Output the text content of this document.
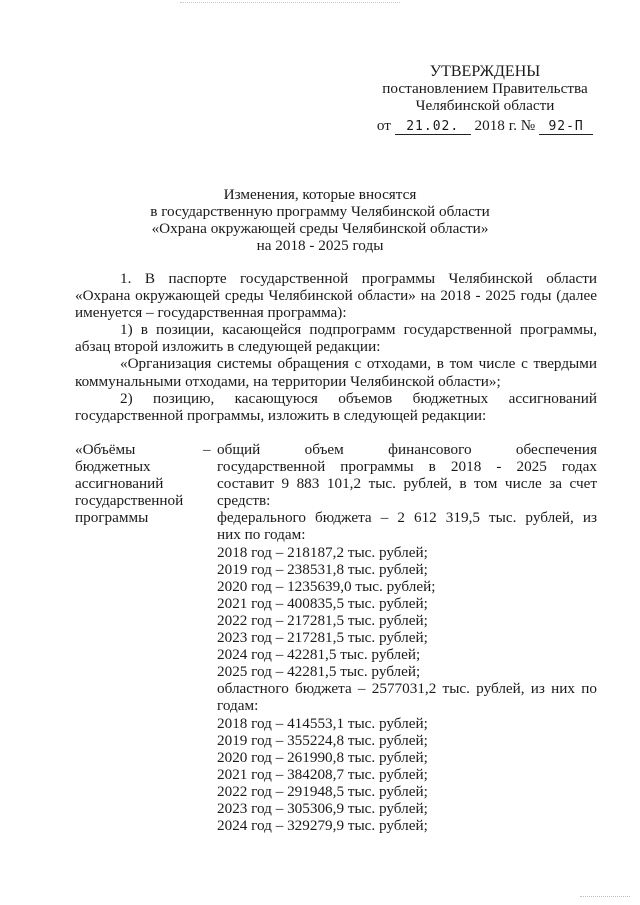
УТВЕРЖДЕНЫ
постановлением Правительства
Челябинской области
от 21.02. 2018 г. № 92-П
Изменения, которые вносятся
в государственную программу Челябинской области
«Охрана окружающей среды Челябинской области»
на 2018 - 2025 годы

1. В паспорте государственной программы Челябинской области «Охрана окружающей среды Челябинской области» на 2018 - 2025 годы (далее именуется – государственная программа):

1) в позиции, касающейся подпрограмм государственной программы, абзац второй изложить в следующей редакции:

«Организация системы обращения с отходами, в том числе с твердыми коммунальными отходами, на территории Челябинской области»;

2) позицию, касающуюся объемов бюджетных ассигнований государственной программы, изложить в следующей редакции:

«Объёмы
бюджетных
ассигнований
государственной
программы
– общий объем финансового обеспечения
государственной программы в 2018 - 2025 годах
составит 9 883 101,2 тыс. рублей, в том числе за счет
средств:
федерального бюджета – 2 612 319,5 тыс. рублей, из
них по годам:
2018 год – 218187,2 тыс. рублей;
2019 год – 238531,8 тыс. рублей;
2020 год – 1235639,0 тыс. рублей;
2021 год – 400835,5 тыс. рублей;
2022 год – 217281,5 тыс. рублей;
2023 год – 217281,5 тыс. рублей;
2024 год – 42281,5 тыс. рублей;
2025 год – 42281,5 тыс. рублей;
областного бюджета – 2577031,2 тыс. рублей, из них по
годам:
2018 год – 414553,1 тыс. рублей;
2019 год – 355224,8 тыс. рублей;
2020 год – 261990,8 тыс. рублей;
2021 год – 384208,7 тыс. рублей;
2022 год – 291948,5 тыс. рублей;
2023 год – 305306,9 тыс. рублей;
2024 год – 329279,9 тыс. рублей;
